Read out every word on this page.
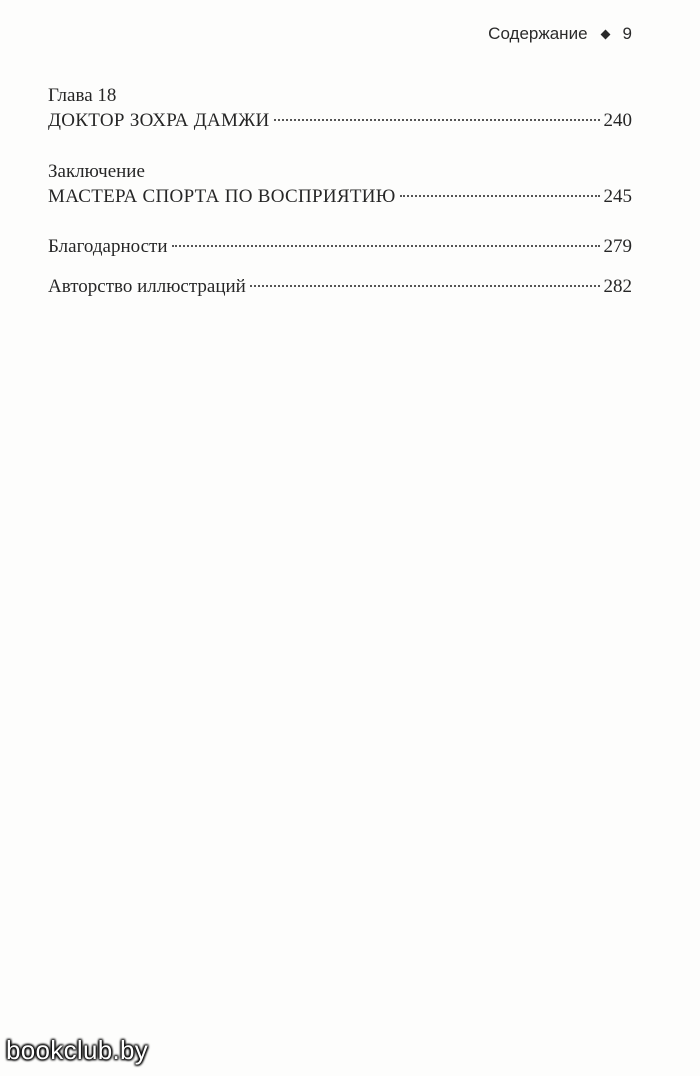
Содержание 9
Глава 18
ДОКТОР ЗОХРА ДАМЖИ	240
Заключение
МАСТЕРА СПОРТА ПО ВОСПРИЯТИЮ	245
Благодарности	279
Авторство иллюстраций	282
bookclub.by
